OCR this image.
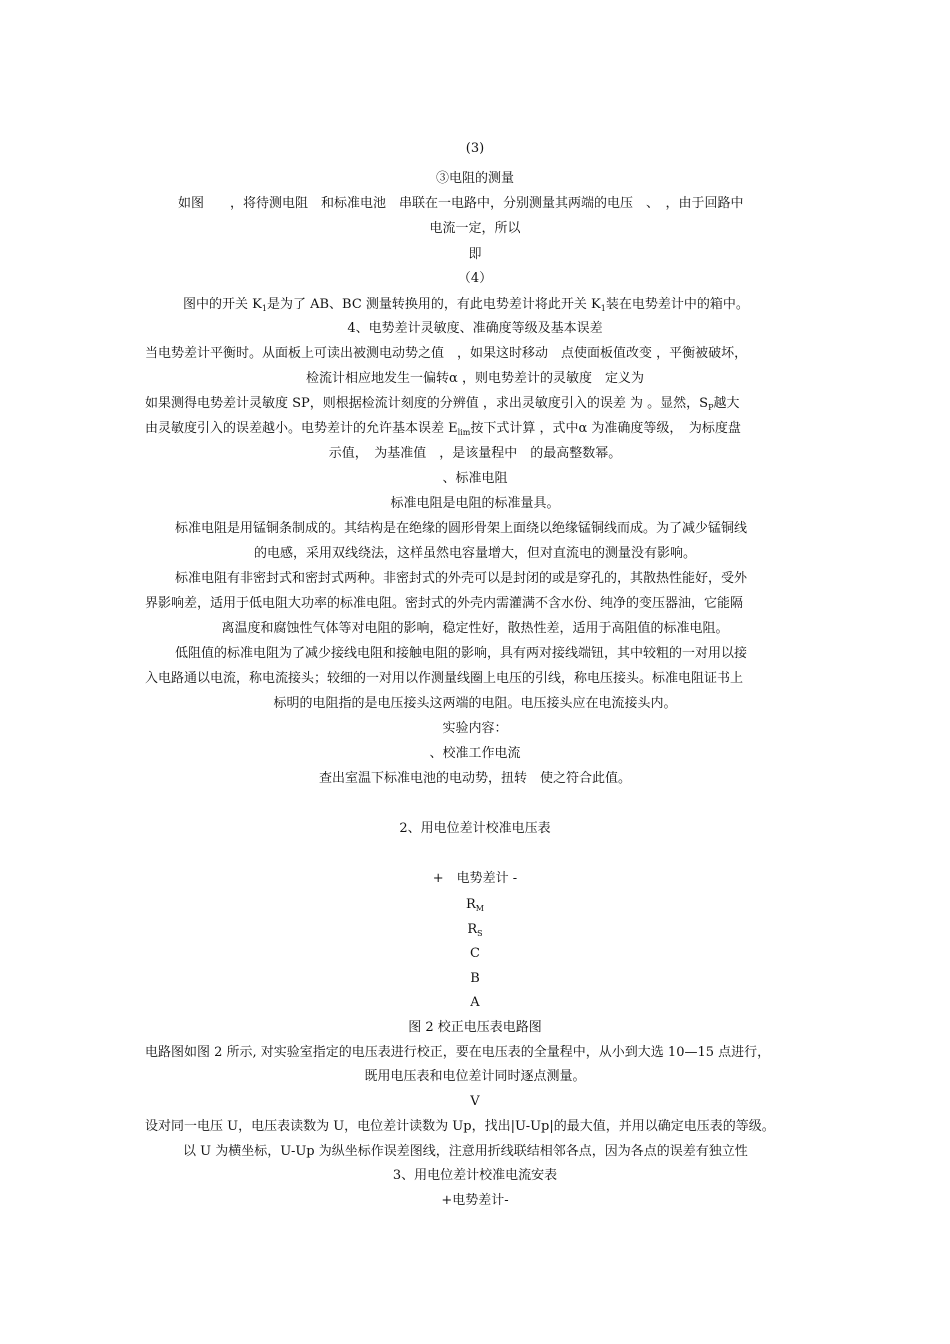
(3)
③电阻的测量
如图　　，将待测电阻　和标准电池　串联在一电路中，分别测量其两端的电压　、　，由于回路中
电流一定，所以
即
（4）
图中的开关 $K_1$是为了 AB、BC 测量转换用的，有此电势差计将此开关 $K_1$装在电势差计中的箱中。
4、电势差计灵敏度、准确度等级及基本误差
当电势差计平衡时。从面板上可读出被测电动势之值　，如果这时移动　点使面板值改变 ，平衡被破坏，
检流计相应地发生一偏转α ，则电势差计的灵敏度　定义为
如果测得电势差计灵敏度 SP，则根据检流计刻度的分辨值 ，求出灵敏度引入的误差 为 。显然，$S_P$越大
由灵敏度引入的误差越小。电势差计的允许基本误差 $E_{lim}$按下式计算 ，式中α 为准确度等级，　为标度盘
示值，　为基准值　，是该量程中　的最高整数幂。
、标准电阻
标准电阻是电阻的标准量具。
标准电阻是用锰铜条制成的。其结构是在绝缘的圆形骨架上面绕以绝缘锰铜线而成。为了减少锰铜线
的电感，采用双线绕法，这样虽然电容量增大，但对直流电的测量没有影响。
标准电阻有非密封式和密封式两种。非密封式的外壳可以是封闭的或是穿孔的，其散热性能好，受外
界影响差，适用于低电阻大功率的标准电阻。密封式的外壳内需灌满不含水份、纯净的变压器油，它能隔
离温度和腐蚀性气体等对电阻的影响，稳定性好，散热性差，适用于高阻值的标准电阻。
低阻值的标准电阻为了减少接线电阻和接触电阻的影响，具有两对接线端钮，其中较粗的一对用以接
入电路通以电流，称电流接头；较细的一对用以作测量线圈上电压的引线，称电压接头。标准电阻证书上
标明的电阻指的是电压接头这两端的电阻。电压接头应在电流接头内。
实验内容：
、校准工作电流
查出室温下标准电池的电动势，扭转　使之符合此值。
2、用电位差计校准电压表
+　电势差计 -
$R_M$
$R_S$
C
B
A
图 2 校正电压表电路图
电路图如图 2 所示, 对实验室指定的电压表进行校正，要在电压表的全量程中，从小到大选 10—15 点进行，
既用电压表和电位差计同时逐点测量。
V
设对同一电压 U，电压表读数为 U，电位差计读数为 Up，找出|U-Up|的最大值，并用以确定电压表的等级。
以 U 为横坐标，U-Up 为纵坐标作误差图线，注意用折线联结相邻各点，因为各点的误差有独立性
3、用电位差计校准电流安表
+电势差计-
